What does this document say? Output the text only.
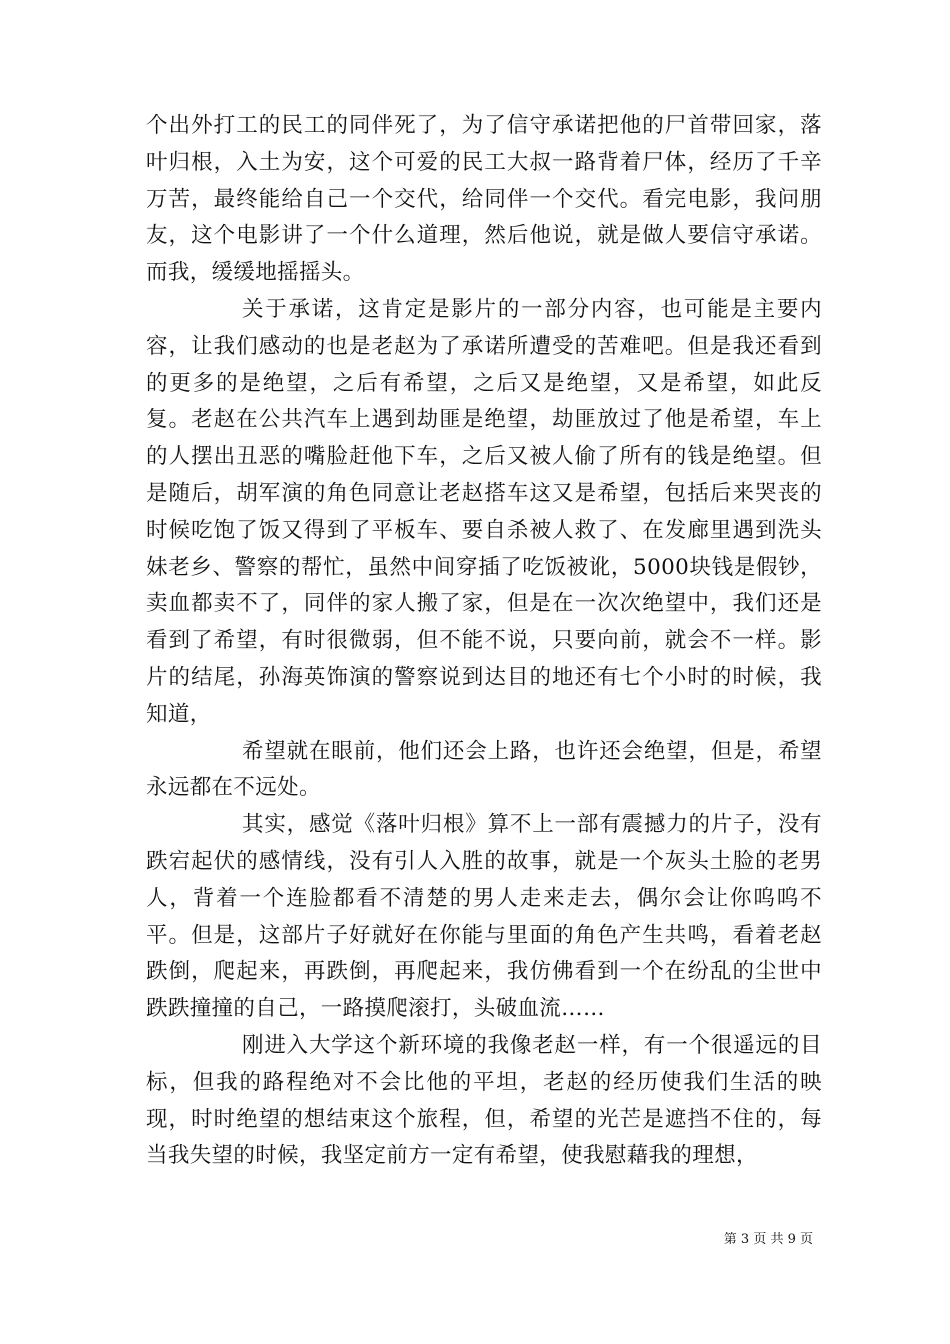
个出外打工的民工的同伴死了，为了信守承诺把他的尸首带回家，落叶归根，入土为安，这个可爱的民工大叔一路背着尸体，经历了千辛万苦，最终能给自己一个交代，给同伴一个交代。看完电影，我问朋友，这个电影讲了一个什么道理，然后他说，就是做人要信守承诺。而我，缓缓地摇摇头。

关于承诺，这肯定是影片的一部分内容，也可能是主要内容，让我们感动的也是老赵为了承诺所遭受的苦难吧。但是我还看到的更多的是绝望，之后有希望，之后又是绝望，又是希望，如此反复。老赵在公共汽车上遇到劫匪是绝望，劫匪放过了他是希望，车上的人摆出丑恶的嘴脸赶他下车，之后又被人偷了所有的钱是绝望。但是随后，胡军演的角色同意让老赵搭车这又是希望，包括后来哭丧的时候吃饱了饭又得到了平板车、要自杀被人救了、在发廊里遇到洗头妹老乡、警察的帮忙，虽然中间穿插了吃饭被讹，5000块钱是假钞，卖血都卖不了，同伴的家人搬了家，但是在一次次绝望中，我们还是看到了希望，有时很微弱，但不能不说，只要向前，就会不一样。影片的结尾，孙海英饰演的警察说到达目的地还有七个小时的时候，我知道，

希望就在眼前，他们还会上路，也许还会绝望，但是，希望永远都在不远处。

其实，感觉《落叶归根》算不上一部有震撼力的片子，没有跌宕起伏的感情线，没有引人入胜的故事，就是一个灰头土脸的老男人，背着一个连脸都看不清楚的男人走来走去，偶尔会让你呜呜不平。但是，这部片子好就好在你能与里面的角色产生共鸣，看着老赵跌倒，爬起来，再跌倒，再爬起来，我仿佛看到一个在纷乱的尘世中跌跌撞撞的自己，一路摸爬滚打，头破血流……

刚进入大学这个新环境的我像老赵一样，有一个很遥远的目标，但我的路程绝对不会比他的平坦，老赵的经历使我们生活的映现，时时绝望的想结束这个旅程，但，希望的光芒是遮挡不住的，每当我失望的时候，我坚定前方一定有希望，使我慰藉我的理想，

第 3 页 共 9 页
